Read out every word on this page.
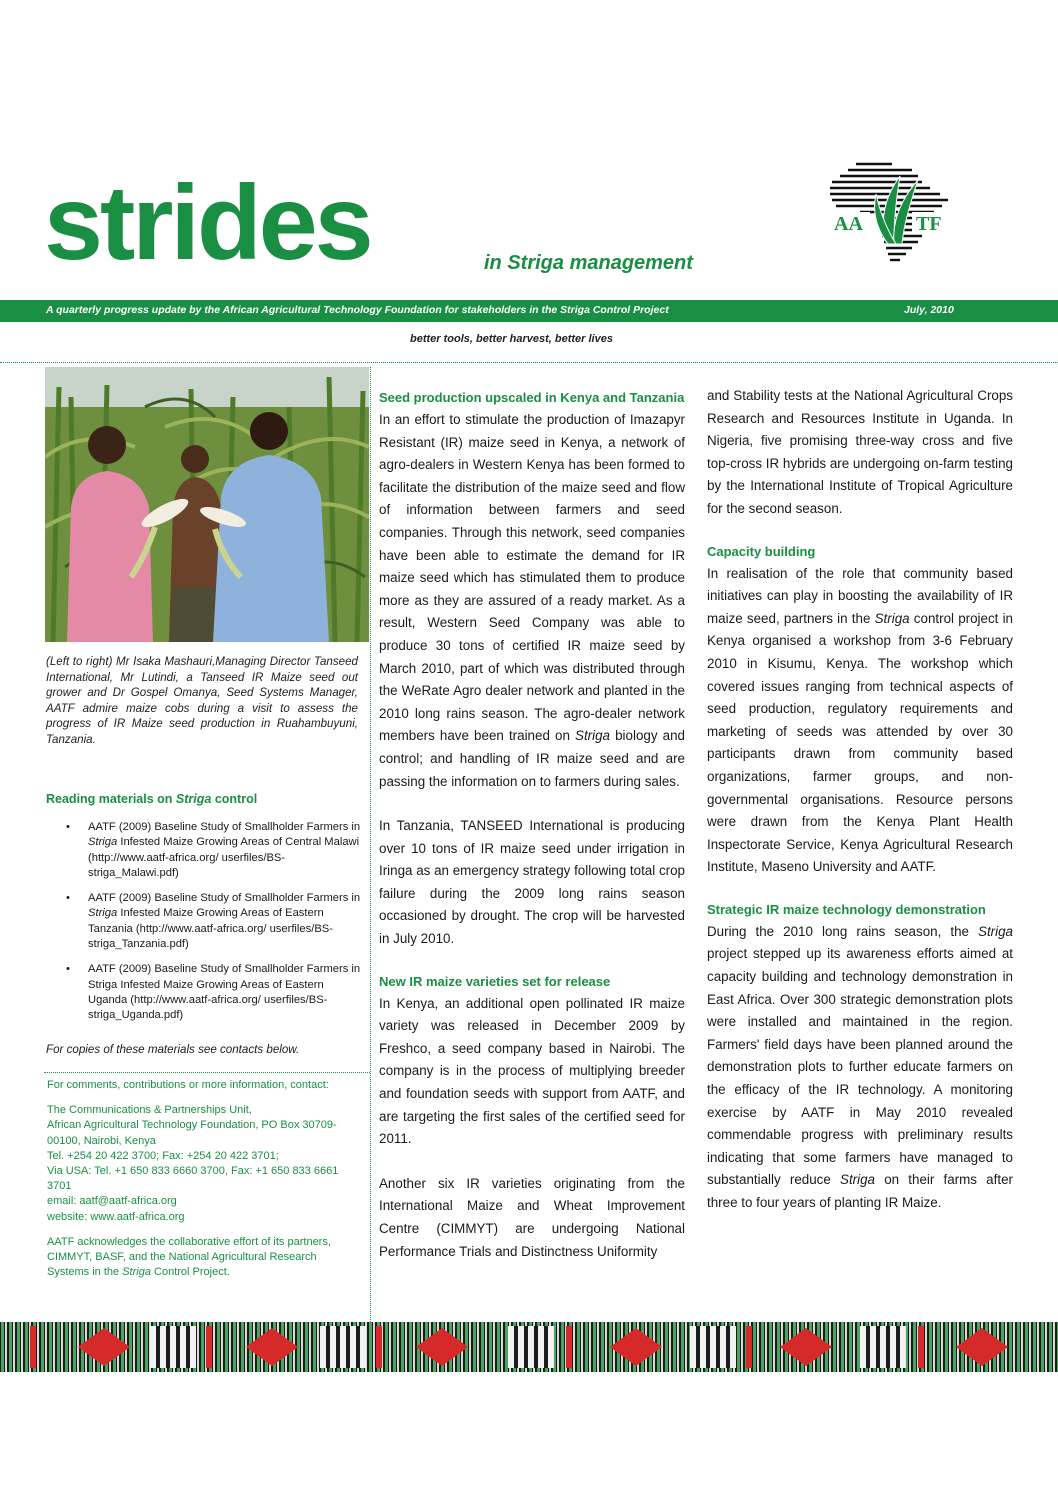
strides	in Striga management
AA	TF
A quarterly progress update by the African Agricultural Technology Foundation for stakeholders in the Striga Control Project	July, 2010
better tools, better harvest, better lives
(Left to right) Mr Isaka Mashauri,Managing Director Tanseed International, Mr Lutindi, a Tanseed IR Maize seed out grower and Dr Gospel Omanya, Seed Systems Manager, AATF admire maize cobs during a visit to assess the progress of IR Maize seed production in Ruahambuyuni, Tanzania.
Reading materials on Striga control
• AATF (2009) Baseline Study of Smallholder Farmers in Striga Infested Maize Growing Areas of Central Malawi (http://www.aatf-africa.org/ userfiles/BS-striga_Malawi.pdf)
• AATF (2009) Baseline Study of Smallholder Farmers in Striga Infested Maize Growing Areas of Eastern Tanzania (http://www.aatf-africa.org/ userfiles/BS-striga_Tanzania.pdf)
• AATF (2009) Baseline Study of Smallholder Farmers in Striga Infested Maize Growing Areas of Eastern Uganda (http://www.aatf-africa.org/ userfiles/BS-striga_Uganda.pdf)
For copies of these materials see contacts below.

For comments, contributions or more information, contact:

The Communications & Partnerships Unit,
African Agricultural Technology Foundation, PO Box 30709-00100, Nairobi, Kenya
Tel. +254 20 422 3700; Fax: +254 20 422 3701;
Via USA: Tel. +1 650 833 6660 3700, Fax: +1 650 833 6661 3701
email: aatf@aatf-africa.org
website: www.aatf-africa.org

AATF acknowledges the collaborative effort of its partners, CIMMYT, BASF, and the National Agricultural Research Systems in the Striga Control Project.

Seed production upscaled in Kenya and Tanzania

In an effort to stimulate the production of Imazapyr Resistant (IR) maize seed in Kenya, a network of agro-dealers in Western Kenya has been formed to facilitate the distribution of the maize seed and flow of information between farmers and seed companies. Through this network, seed companies have been able to estimate the demand for IR maize seed which has stimulated them to produce more as they are assured of a ready market. As a result, Western Seed Company was able to produce 30 tons of certified IR maize seed by March 2010, part of which was distributed through the WeRate Agro dealer network and planted in the 2010 long rains season. The agro-dealer network members have been trained on Striga biology and control; and handling of IR maize seed and are passing the information on to farmers during sales.

In Tanzania, TANSEED International is producing over 10 tons of IR maize seed under irrigation in Iringa as an emergency strategy following total crop failure during the 2009 long rains season occasioned by drought. The crop will be harvested in July 2010.

New IR maize varieties set for release

In Kenya, an additional open pollinated IR maize variety was released in December 2009 by Freshco, a seed company based in Nairobi. The company is in the process of multiplying breeder and foundation seeds with support from AATF, and are targeting the first sales of the certified seed for 2011.

Another six IR varieties originating from the International Maize and Wheat Improvement Centre (CIMMYT) are undergoing National Performance Trials and Distinctness Uniformity

and Stability tests at the National Agricultural Crops Research and Resources Institute in Uganda. In Nigeria, five promising three-way cross and five top-cross IR hybrids are undergoing on-farm testing by the International Institute of Tropical Agriculture for the second season.

Capacity building

In realisation of the role that community based initiatives can play in boosting the availability of IR maize seed, partners in the Striga control project in Kenya organised a workshop from 3-6 February 2010 in Kisumu, Kenya. The workshop which covered issues ranging from technical aspects of seed production, regulatory requirements and marketing of seeds was attended by over 30 participants drawn from community based organizations, farmer groups, and non-governmental organisations. Resource persons were drawn from the Kenya Plant Health Inspectorate Service, Kenya Agricultural Research Institute, Maseno University and AATF.

Strategic IR maize technology demonstration

During the 2010 long rains season, the Striga project stepped up its awareness efforts aimed at capacity building and technology demonstration in East Africa. Over 300 strategic demonstration plots were installed and maintained in the region. Farmers' field days have been planned around the demonstration plots to further educate farmers on the efficacy of the IR technology. A monitoring exercise by AATF in May 2010 revealed commendable progress with preliminary results indicating that some farmers have managed to substantially reduce Striga on their farms after three to four years of planting IR Maize.
